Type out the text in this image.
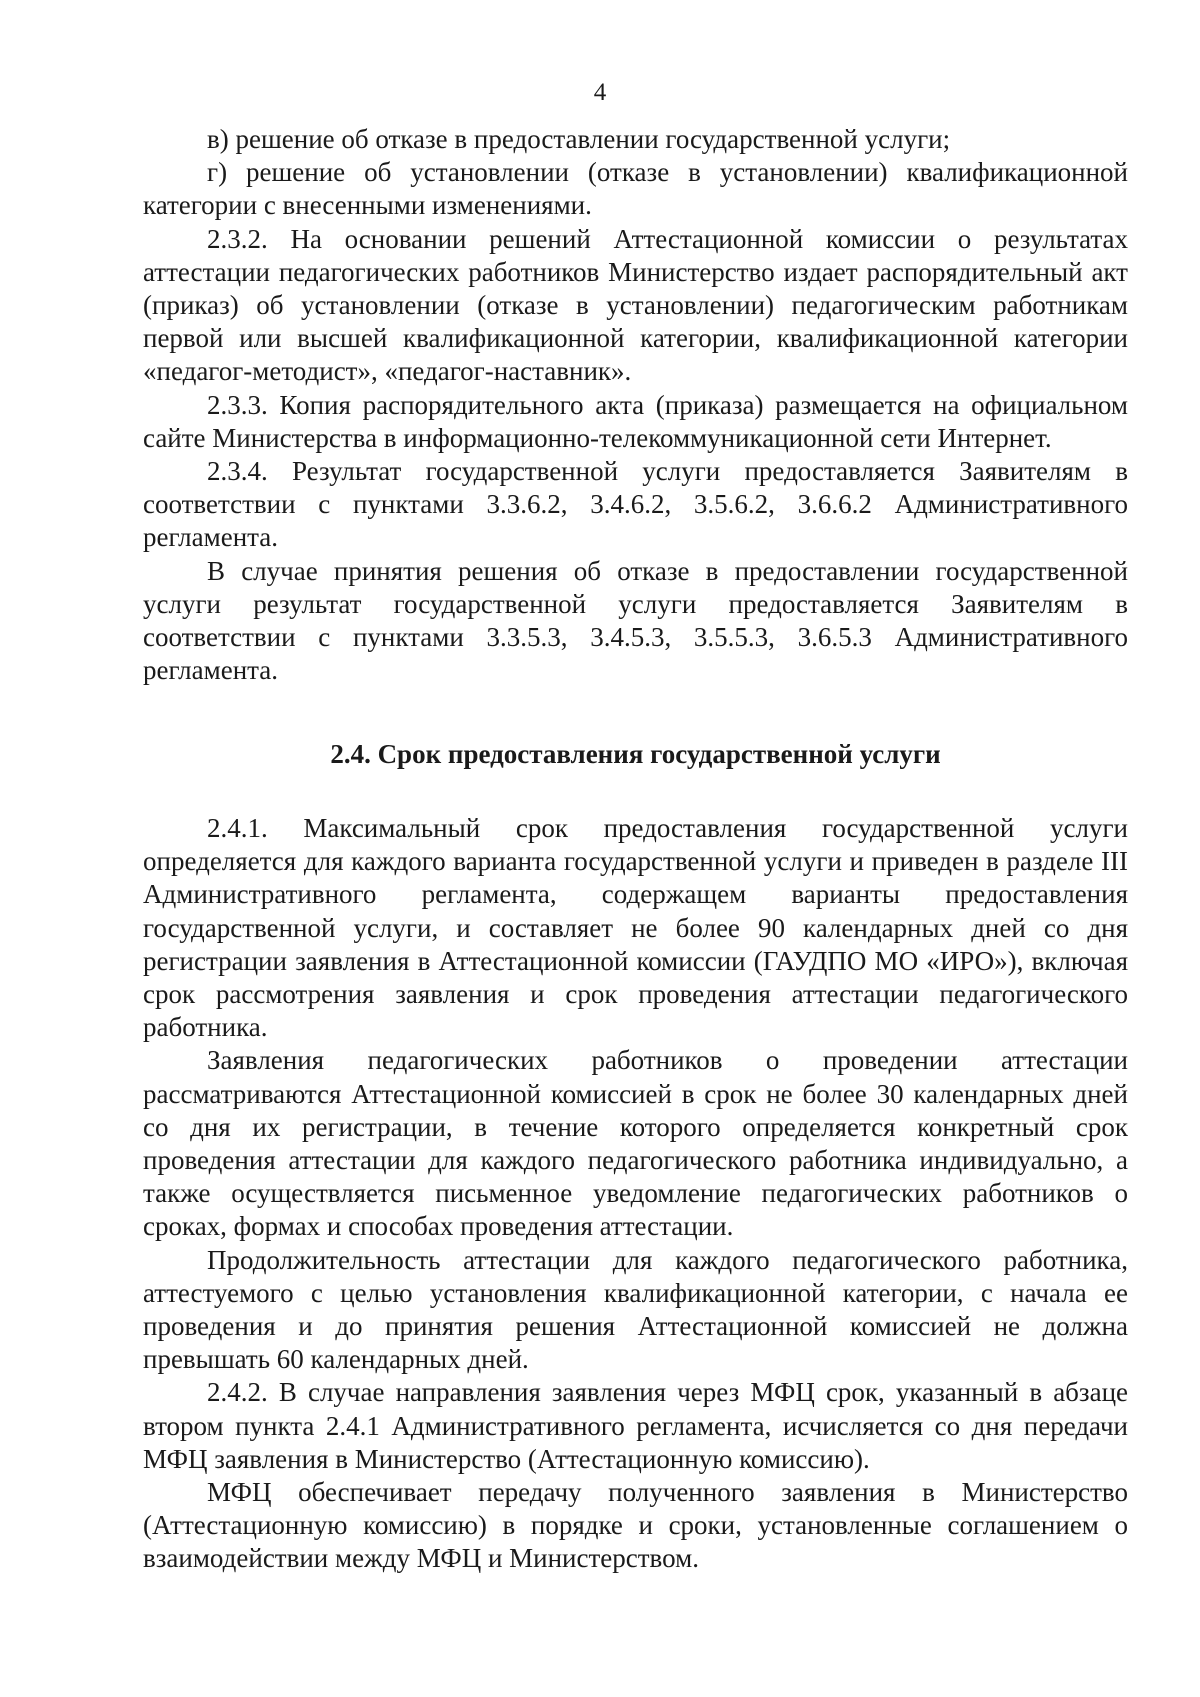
4

в) решение об отказе в предоставлении государственной услуги;

г) решение об установлении (отказе в установлении) квалификационной категории с внесенными изменениями.

2.3.2. На основании решений Аттестационной комиссии о результатах аттестации педагогических работников Министерство издает распорядительный акт (приказ) об установлении (отказе в установлении) педагогическим работникам первой или высшей квалификационной категории, квалификационной категории «педагог-методист», «педагог-наставник».

2.3.3. Копия распорядительного акта (приказа) размещается на официальном сайте Министерства в информационно-телекоммуникационной сети Интернет.

2.3.4. Результат государственной услуги предоставляется Заявителям в соответствии с пунктами 3.3.6.2, 3.4.6.2, 3.5.6.2, 3.6.6.2 Административного регламента.

В случае принятия решения об отказе в предоставлении государственной услуги результат государственной услуги предоставляется Заявителям в соответствии с пунктами 3.3.5.3, 3.4.5.3, 3.5.5.3, 3.6.5.3 Административного регламента.

2.4. Срок предоставления государственной услуги

2.4.1. Максимальный срок предоставления государственной услуги определяется для каждого варианта государственной услуги и приведен в разделе III Административного регламента, содержащем варианты предоставления государственной услуги, и составляет не более 90 календарных дней со дня регистрации заявления в Аттестационной комиссии (ГАУДПО МО «ИРО»), включая срок рассмотрения заявления и срок проведения аттестации педагогического работника.

Заявления педагогических работников о проведении аттестации рассматриваются Аттестационной комиссией в срок не более 30 календарных дней со дня их регистрации, в течение которого определяется конкретный срок проведения аттестации для каждого педагогического работника индивидуально, а также осуществляется письменное уведомление педагогических работников о сроках, формах и способах проведения аттестации.

Продолжительность аттестации для каждого педагогического работника, аттестуемого с целью установления квалификационной категории, с начала ее проведения и до принятия решения Аттестационной комиссией не должна превышать 60 календарных дней.

2.4.2. В случае направления заявления через МФЦ срок, указанный в абзаце втором пункта 2.4.1 Административного регламента, исчисляется со дня передачи МФЦ заявления в Министерство (Аттестационную комиссию).

МФЦ обеспечивает передачу полученного заявления в Министерство (Аттестационную комиссию) в порядке и сроки, установленные соглашением о взаимодействии между МФЦ и Министерством.
